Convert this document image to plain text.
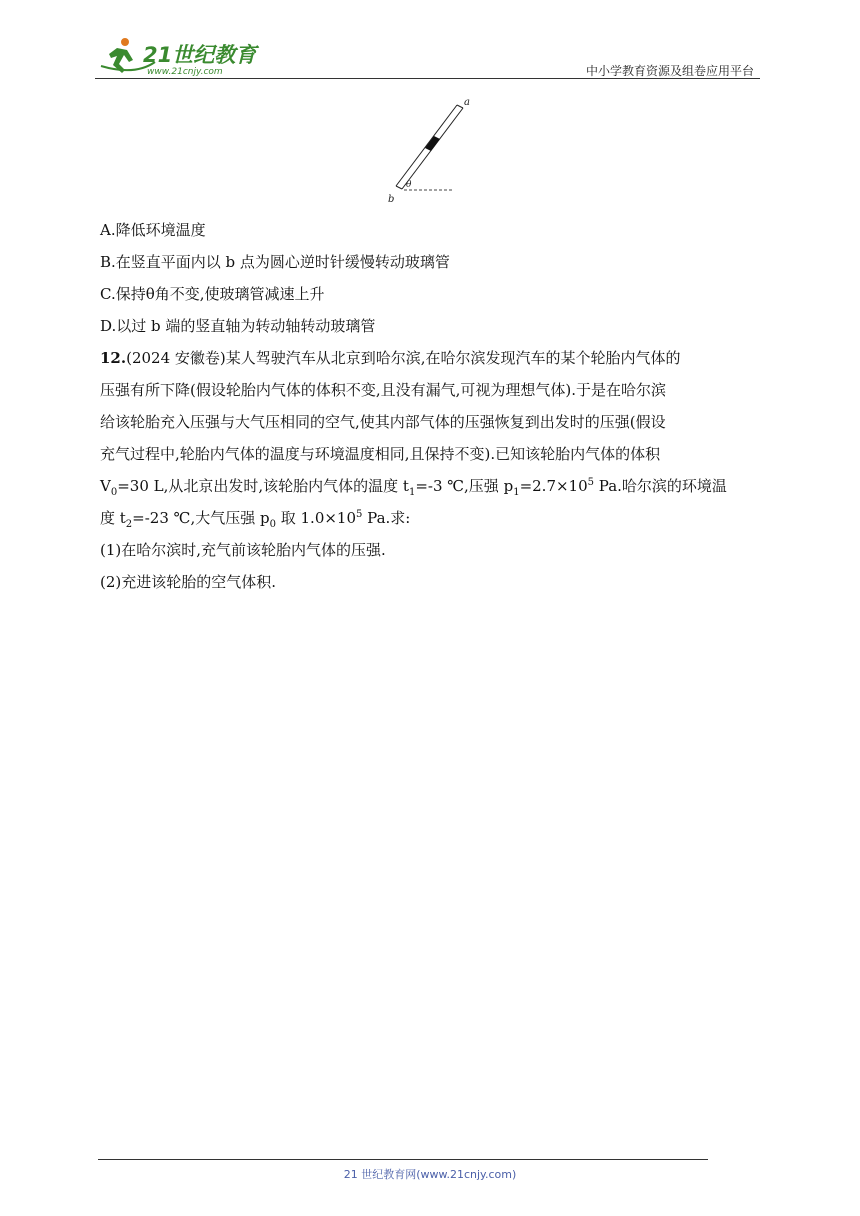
21世纪教育
www.21cnjy.com	中小学教育资源及组卷应用平台
a
b
θ

A.降低环境温度

B.在竖直平面内以 b 点为圆心逆时针缓慢转动玻璃管

C.保持θ角不变,使玻璃管减速上升

D.以过 b 端的竖直轴为转动轴转动玻璃管

12.(2024 安徽卷)某人驾驶汽车从北京到哈尔滨,在哈尔滨发现汽车的某个轮胎内气体的

压强有所下降(假设轮胎内气体的体积不变,且没有漏气,可视为理想气体).于是在哈尔滨

给该轮胎充入压强与大气压相同的空气,使其内部气体的压强恢复到出发时的压强(假设

充气过程中,轮胎内气体的温度与环境温度相同,且保持不变).已知该轮胎内气体的体积

$V_0=30$ L,从北京出发时,该轮胎内气体的温度 $t_1=-3$ ℃,压强 $p_1=2.7\times 10^5$ Pa.哈尔滨的环境温

度 $t_2=-23$ ℃,大气压强 $p_0$ 取 $1.0\times 10^5$ Pa.求:

(1)在哈尔滨时,充气前该轮胎内气体的压强.

(2)充进该轮胎的空气体积.

21 世纪教育网(www.21cnjy.com)
